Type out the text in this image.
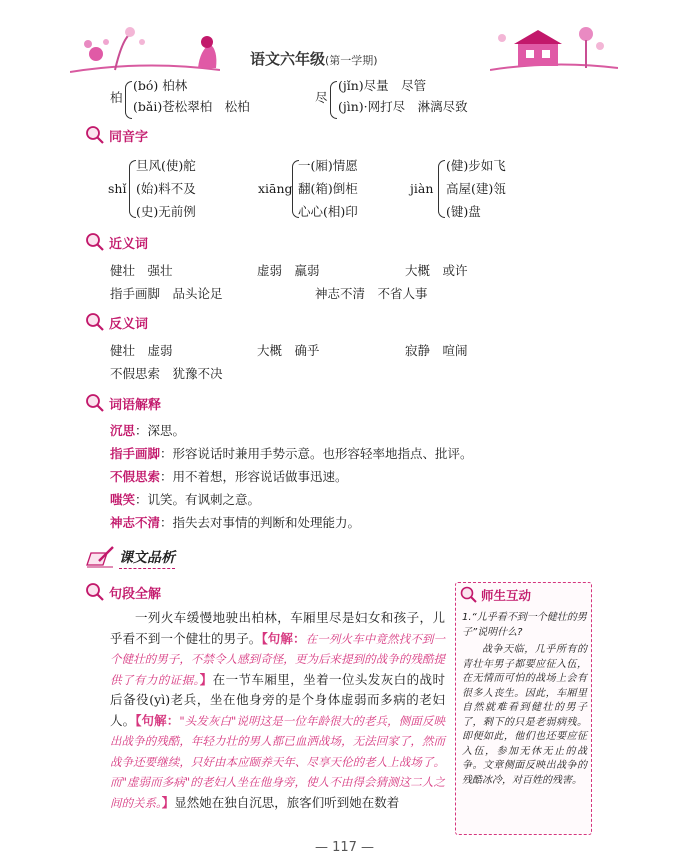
语文六年级(第一学期)
柏
(bó) 柏林
(bǎi)苍松翠柏　松柏
尽
(jǐn)尽量　尽管
(jìn)·网打尽　淋漓尽致
同音字
shǐ
旦风(使)舵
(始)料不及
(史)无前例
xiāng
一(厢)情愿
翻(箱)倒柜
心心(相)印
jiàn
(健)步如飞
高屋(建)瓴
(键)盘
近义词
健壮　强壮	虚弱　羸弱	大概　或许
指手画脚　品头论足	神志不清　不省人事
反义词
健壮　虚弱	大概　确乎	寂静　喧闹
不假思索　犹豫不决
词语解释
沉思：深思。
指手画脚：形容说话时兼用手势示意。也形容轻率地指点、批评。
不假思索：用不着想，形容说话做事迅速。
嗤笑：讥笑。有讽刺之意。
神志不清：指失去对事情的判断和处理能力。
课文品析
句段全解
一列火车缓慢地驶出柏林，车厢里尽是妇女和孩子，儿乎看不到一个健壮的男子。【句解：在一列火车中竟然找不到一个健壮的男子，不禁令人感到奇怪，更为后来提到的战争的残酷提供了有力的证据。】在一节车厢里，坐着一位头发灰白的战时后备役(yì)老兵，坐在他身旁的是个身体虚弱而多病的老妇人。【句解："头发灰白"说明这是一位年龄很大的老兵，侧面反映出战争的残酷，年轻力壮的男人都已血洒战场，无法回家了，然而战争还要继续，只好由本应颐养天年、尽享天伦的老人上战场了。而"虚弱而多病"的老妇人坐在他身旁，使人不由得会猜测这二人之间的关系。】显然她在独自沉思，旅客们听到她在数着
师生互动
1.“儿乎看不到一个健壮的男子”说明什么?
战争天临，几乎所有的青壮年男子都要应征入伍，在无情而可怕的战场上会有很多人丧生。因此，车厢里自然就难看到健壮的男子了，剩下的只是老弱病残。即便如此，他们也还要应征入伍，参加无休无止的战争。文章侧面反映出战争的残酷冰冷，对百姓的残害。
— 117 —
